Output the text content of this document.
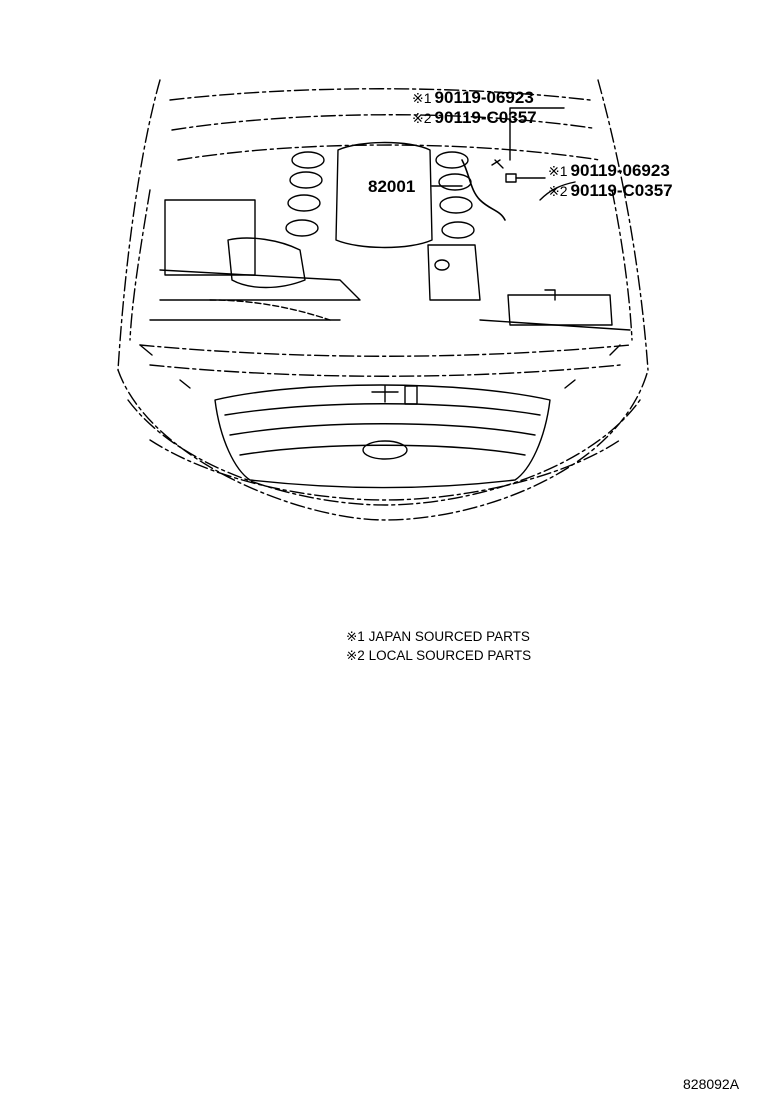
※1 90119-06923
※2 90119-C0357
※1 90119-06923
※2 90119-C0357
82001
※1 JAPAN SOURCED PARTS
※2 LOCAL SOURCED PARTS
828092A
